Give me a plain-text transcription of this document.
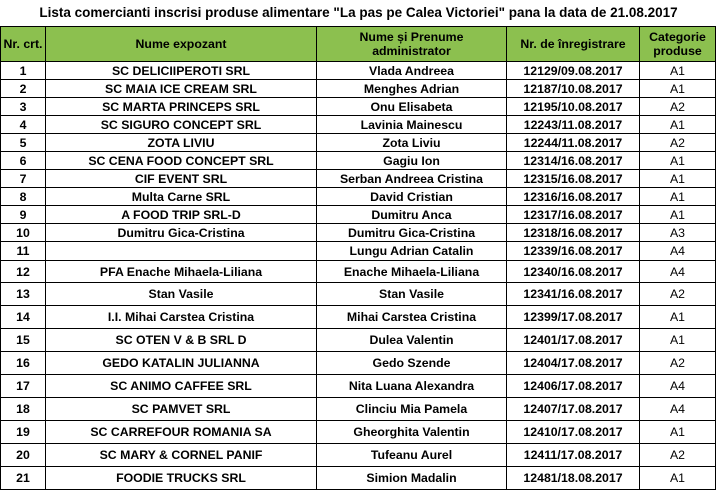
Lista comercianti inscrisi produse alimentare "La pas pe Calea Victoriei" pana la data de 21.08.2017
Nr. crt.	Nume expozant	Nume și Prenume administrator	Nr. de înregistrare	Categorie produse
1	SC DELICIIPEROTI SRL	Vlada Andreea	12129/09.08.2017	A1
2	SC MAIA ICE CREAM SRL	Menghes Adrian	12187/10.08.2017	A1
3	SC MARTA PRINCEPS SRL	Onu Elisabeta	12195/10.08.2017	A2
4	SC SIGURO CONCEPT SRL	Lavinia Mainescu	12243/11.08.2017	A1
5	ZOTA LIVIU	Zota Liviu	12244/11.08.2017	A2
6	SC CENA FOOD CONCEPT SRL	Gagiu Ion	12314/16.08.2017	A1
7	CIF EVENT SRL	Serban Andreea Cristina	12315/16.08.2017	A1
8	Multa Carne SRL	David Cristian	12316/16.08.2017	A1
9	A FOOD TRIP SRL-D	Dumitru Anca	12317/16.08.2017	A1
10	Dumitru Gica-Cristina	Dumitru Gica-Cristina	12318/16.08.2017	A3
11		Lungu Adrian Catalin	12339/16.08.2017	A4
12	PFA Enache Mihaela-Liliana	Enache Mihaela-Liliana	12340/16.08.2017	A4
13	Stan Vasile	Stan Vasile	12341/16.08.2017	A2
14	I.I. Mihai Carstea Cristina	Mihai Carstea Cristina	12399/17.08.2017	A1
15	SC OTEN V & B SRL D	Dulea Valentin	12401/17.08.2017	A1
16	GEDO KATALIN JULIANNA	Gedo Szende	12404/17.08.2017	A2
17	SC ANIMO CAFFEE SRL	Nita Luana Alexandra	12406/17.08.2017	A4
18	SC PAMVET SRL	Clinciu Mia Pamela	12407/17.08.2017	A4
19	SC CARREFOUR ROMANIA SA	Gheorghita Valentin	12410/17.08.2017	A1
20	SC MARY & CORNEL PANIF	Tufeanu Aurel	12411/17.08.2017	A2
21	FOODIE TRUCKS SRL	Simion Madalin	12481/18.08.2017	A1
